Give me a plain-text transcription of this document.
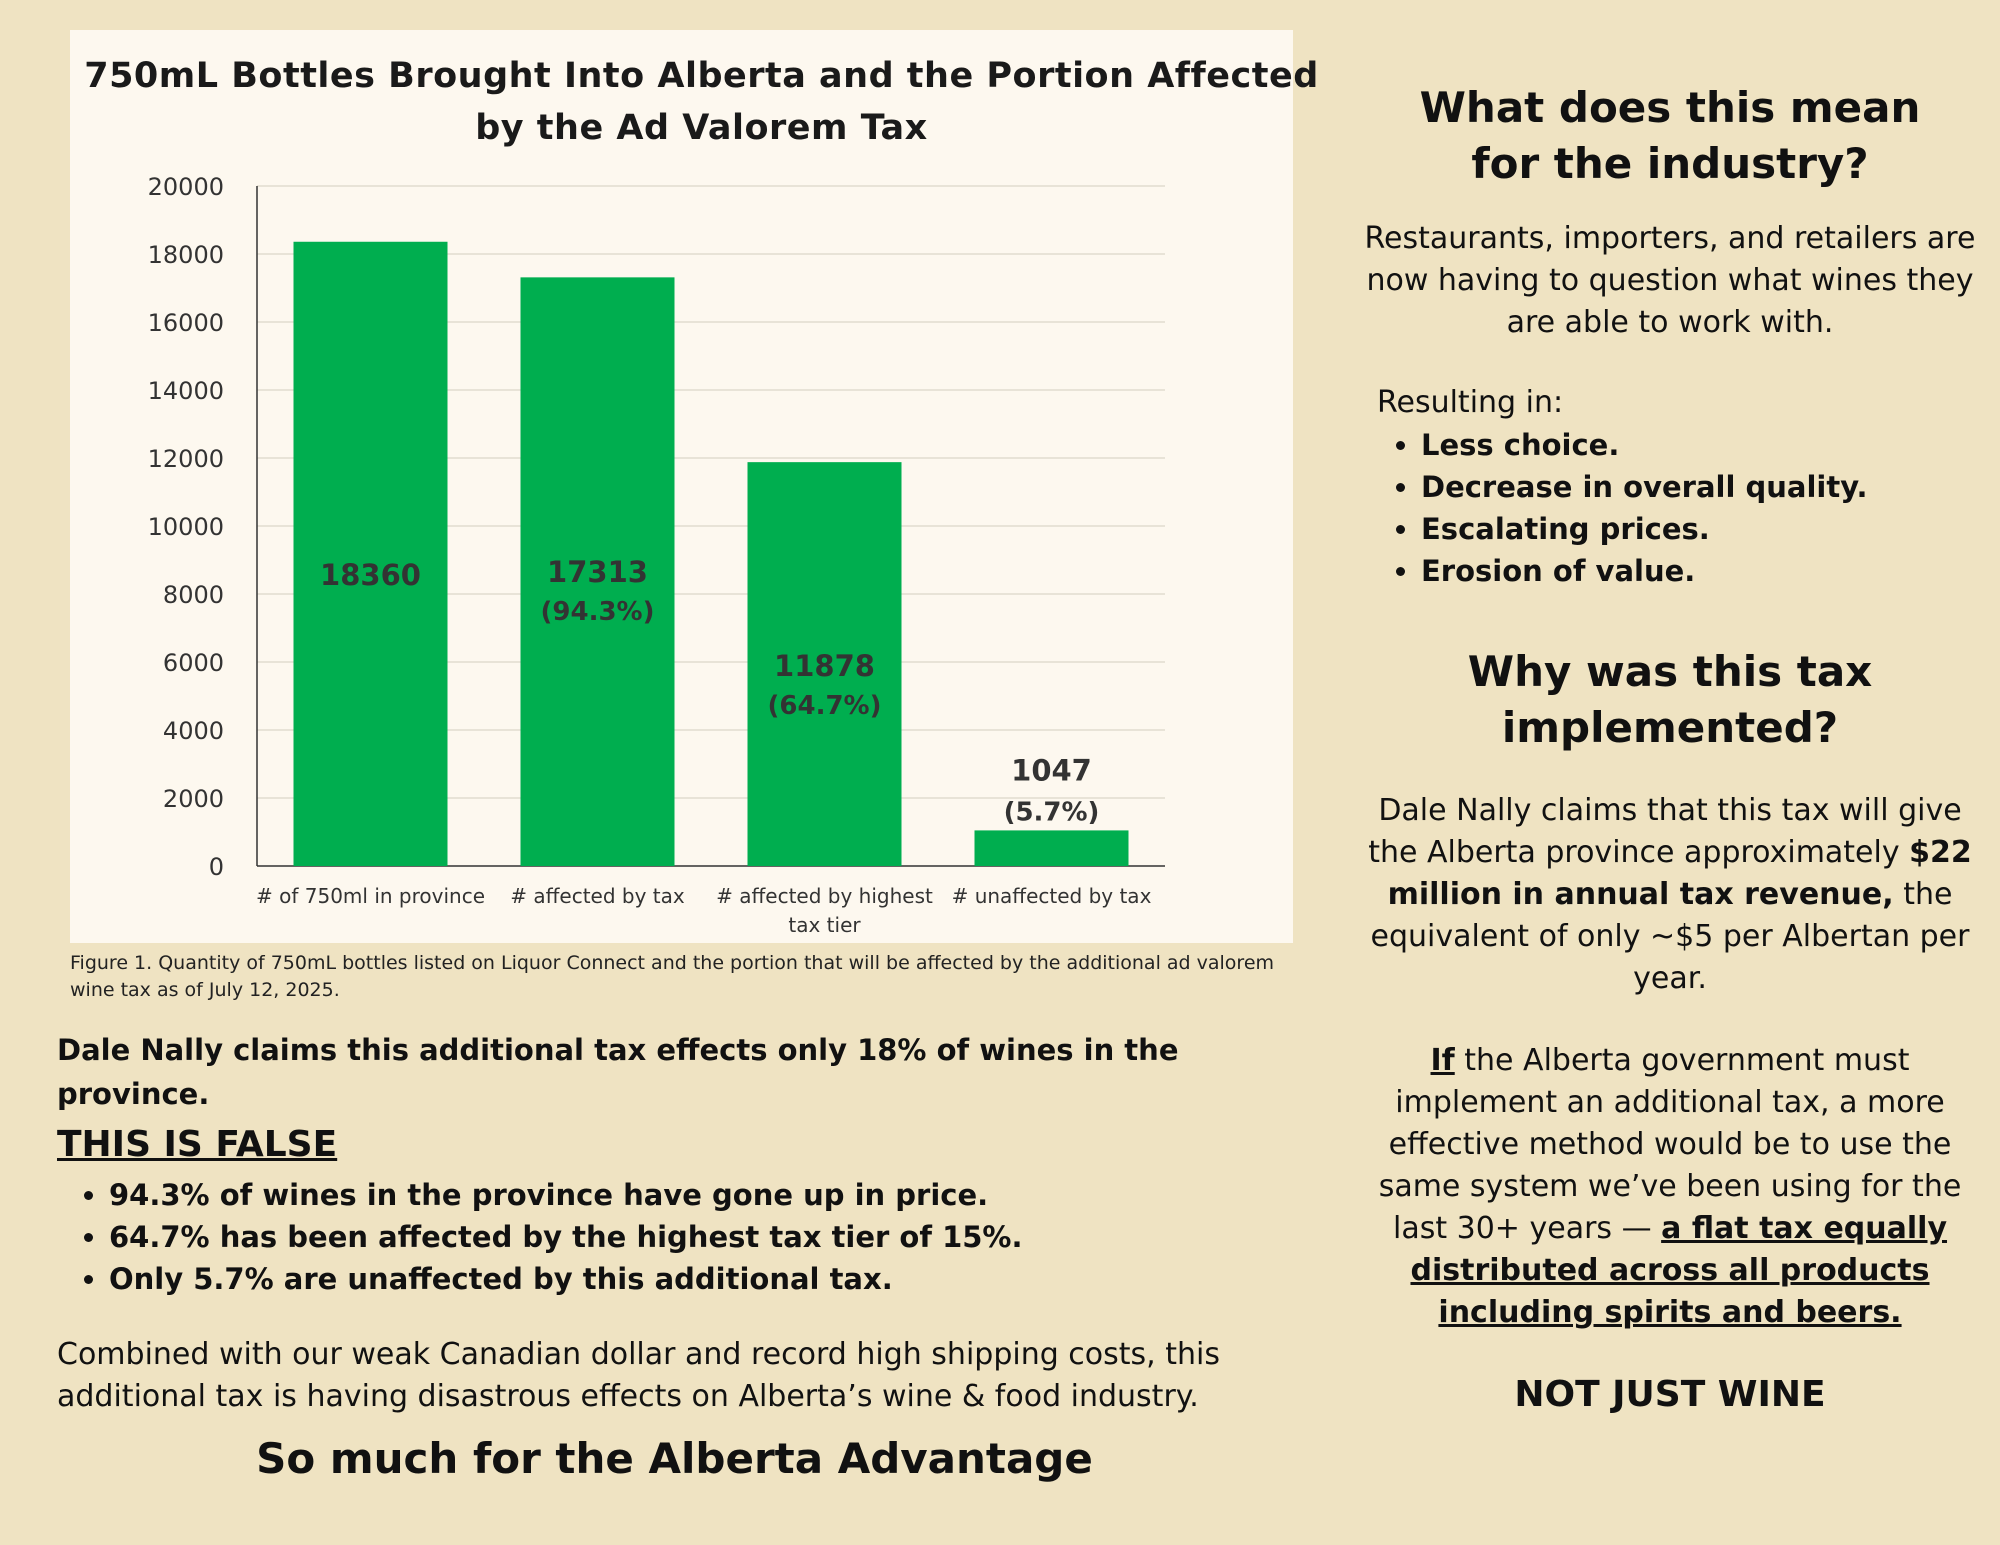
750mL Bottles Brought Into Alberta and the Portion Affected by the Ad Valorem Tax
0
2000
4000
6000
8000
10000
12000
14000
16000
18000
20000
18360
# of 750ml in province
17313
(94.3%)
# affected by tax
11878
(64.7%)
# affected by highest
tax tier
1047
(5.7%)
# unaffected by tax
Figure 1. Quantity of 750mL bottles listed on Liquor Connect and the portion that will be affected by the additional ad valorem wine tax as of July 12, 2025.

Dale Nally claims this additional tax effects only 18% of wines in the province.

THIS IS FALSE
• 94.3% of wines in the province have gone up in price.
• 64.7% has been affected by the highest tax tier of 15%.
• Only 5.7% are unaffected by this additional tax.
Combined with our weak Canadian dollar and record high shipping costs, this additional tax is having disastrous effects on Alberta’s wine & food industry.
So much for the Alberta Advantage

What does this mean
for the industry?

Restaurants, importers, and retailers are now having to question what wines they are able to work with.

Resulting in:
• Less choice.
• Decrease in overall quality.
• Escalating prices.
• Erosion of value.

Why was this tax
implemented?

Dale Nally claims that this tax will give the Alberta province approximately $22 million in annual tax revenue, the equivalent of only ~$5 per Albertan per year.

If the Alberta government must implement an additional tax, a more effective method would be to use the same system we’ve been using for the last 30+ years — a flat tax equally distributed across all products including spirits and beers.

NOT JUST WINE
